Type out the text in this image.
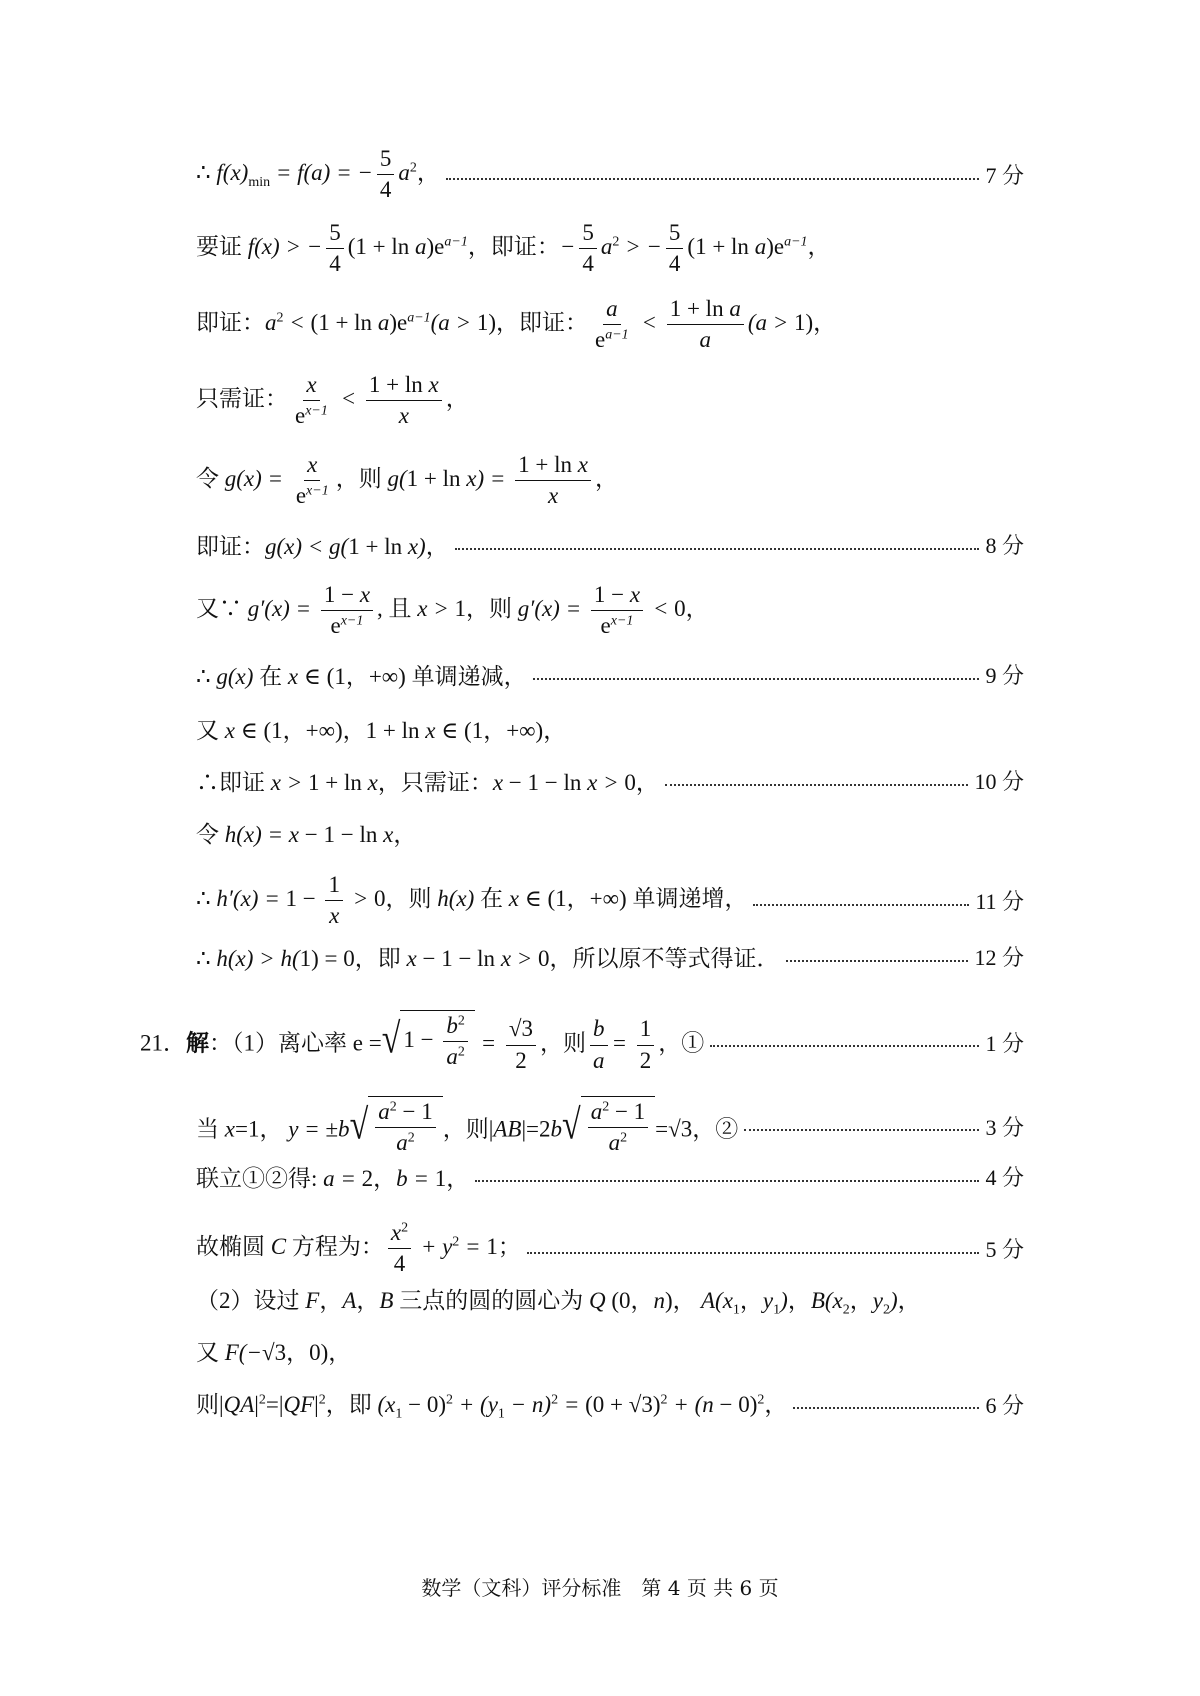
∴ $f(x)_{min} = f(a)$ = − $\frac{5}{4} a^2$，	7 分
要证 f(x) > − $\frac{5}{4} (1 + \ln a)e^{a-1}$，即证：− $\frac{5}{4} a^2$ > − $\frac{5}{4} (1 + \ln a)e^{a-1}$，
即证：$a^2 < (1 + \ln a)e^{a-1}(a > 1)$，即证： $\frac{a}{e^{a-1}} < \frac{\text{1 + ln a}}{a} (a > 1)$，
只需证： $\frac{x}{e^{x-1}} < \frac{\text{1 + ln x}}{x}$ ，
令 $g(x) = \frac{x}{e^{x-1}}$ ，则 $g(1 + \ln x) = \frac{\text{1 + ln x}}{x}$ ，
即证：g(x) < g(1 + ln x)，	8 分
又∵ $g'(x) = \frac{1 - x}{e^{x-1}}$ , 且 x > 1，则 $g'(x) = \frac{1 - x}{e^{x-1}} < 0$，
∴ g(x) 在 x ∈ (1，+∞) 单调递减，	9 分
又 x ∈ (1，+∞)，1 + ln x ∈ (1，+∞)，
∴即证 x > 1 + ln x，只需证：x − 1 − ln x > 0，	10 分
令 h(x) = x − 1 − ln x，
∴ $h'(x) = 1 - \frac{1}{x} > 0$，则 h(x) 在 x ∈ (1，+∞) 单调递增，	11 分
∴ h(x) > h(1) = 0，即 x − 1 − ln x > 0，所以原不等式得证．	12 分
21．解：（1）离心率 e = √ $1 - \frac{b^2}{a^2} = \frac{√3}{2}$ ，则 $\frac{b}{a} = \frac{1}{2}$ ，①	1 分
当 x=1， y = ±b √ $\frac{a^2 - 1}{a^2}$ ，则|AB|=2b √ $\frac{a^2 - 1}{a^2} =√3$，②	3 分
联立①②得: a = 2，b = 1，	4 分
故椭圆 C 方程为： $\frac{x^2}{4} + y^2 = 1$；	5 分
（2）设过 F，A，B 三点的圆的圆心为 Q (0，n)， $A(x_1$，$y_1$)，$B(x_2$，$y_2$)，
又 F(−√3，0)，
则$|QA|^2=|QF|^2$，即 $(x_1 - 0)^2 + (y_1 - n)^2 = (0 + √3)^2 + (n - 0)^2$，	6 分
数学（文科）评分标准　第 4 页 共 6 页
